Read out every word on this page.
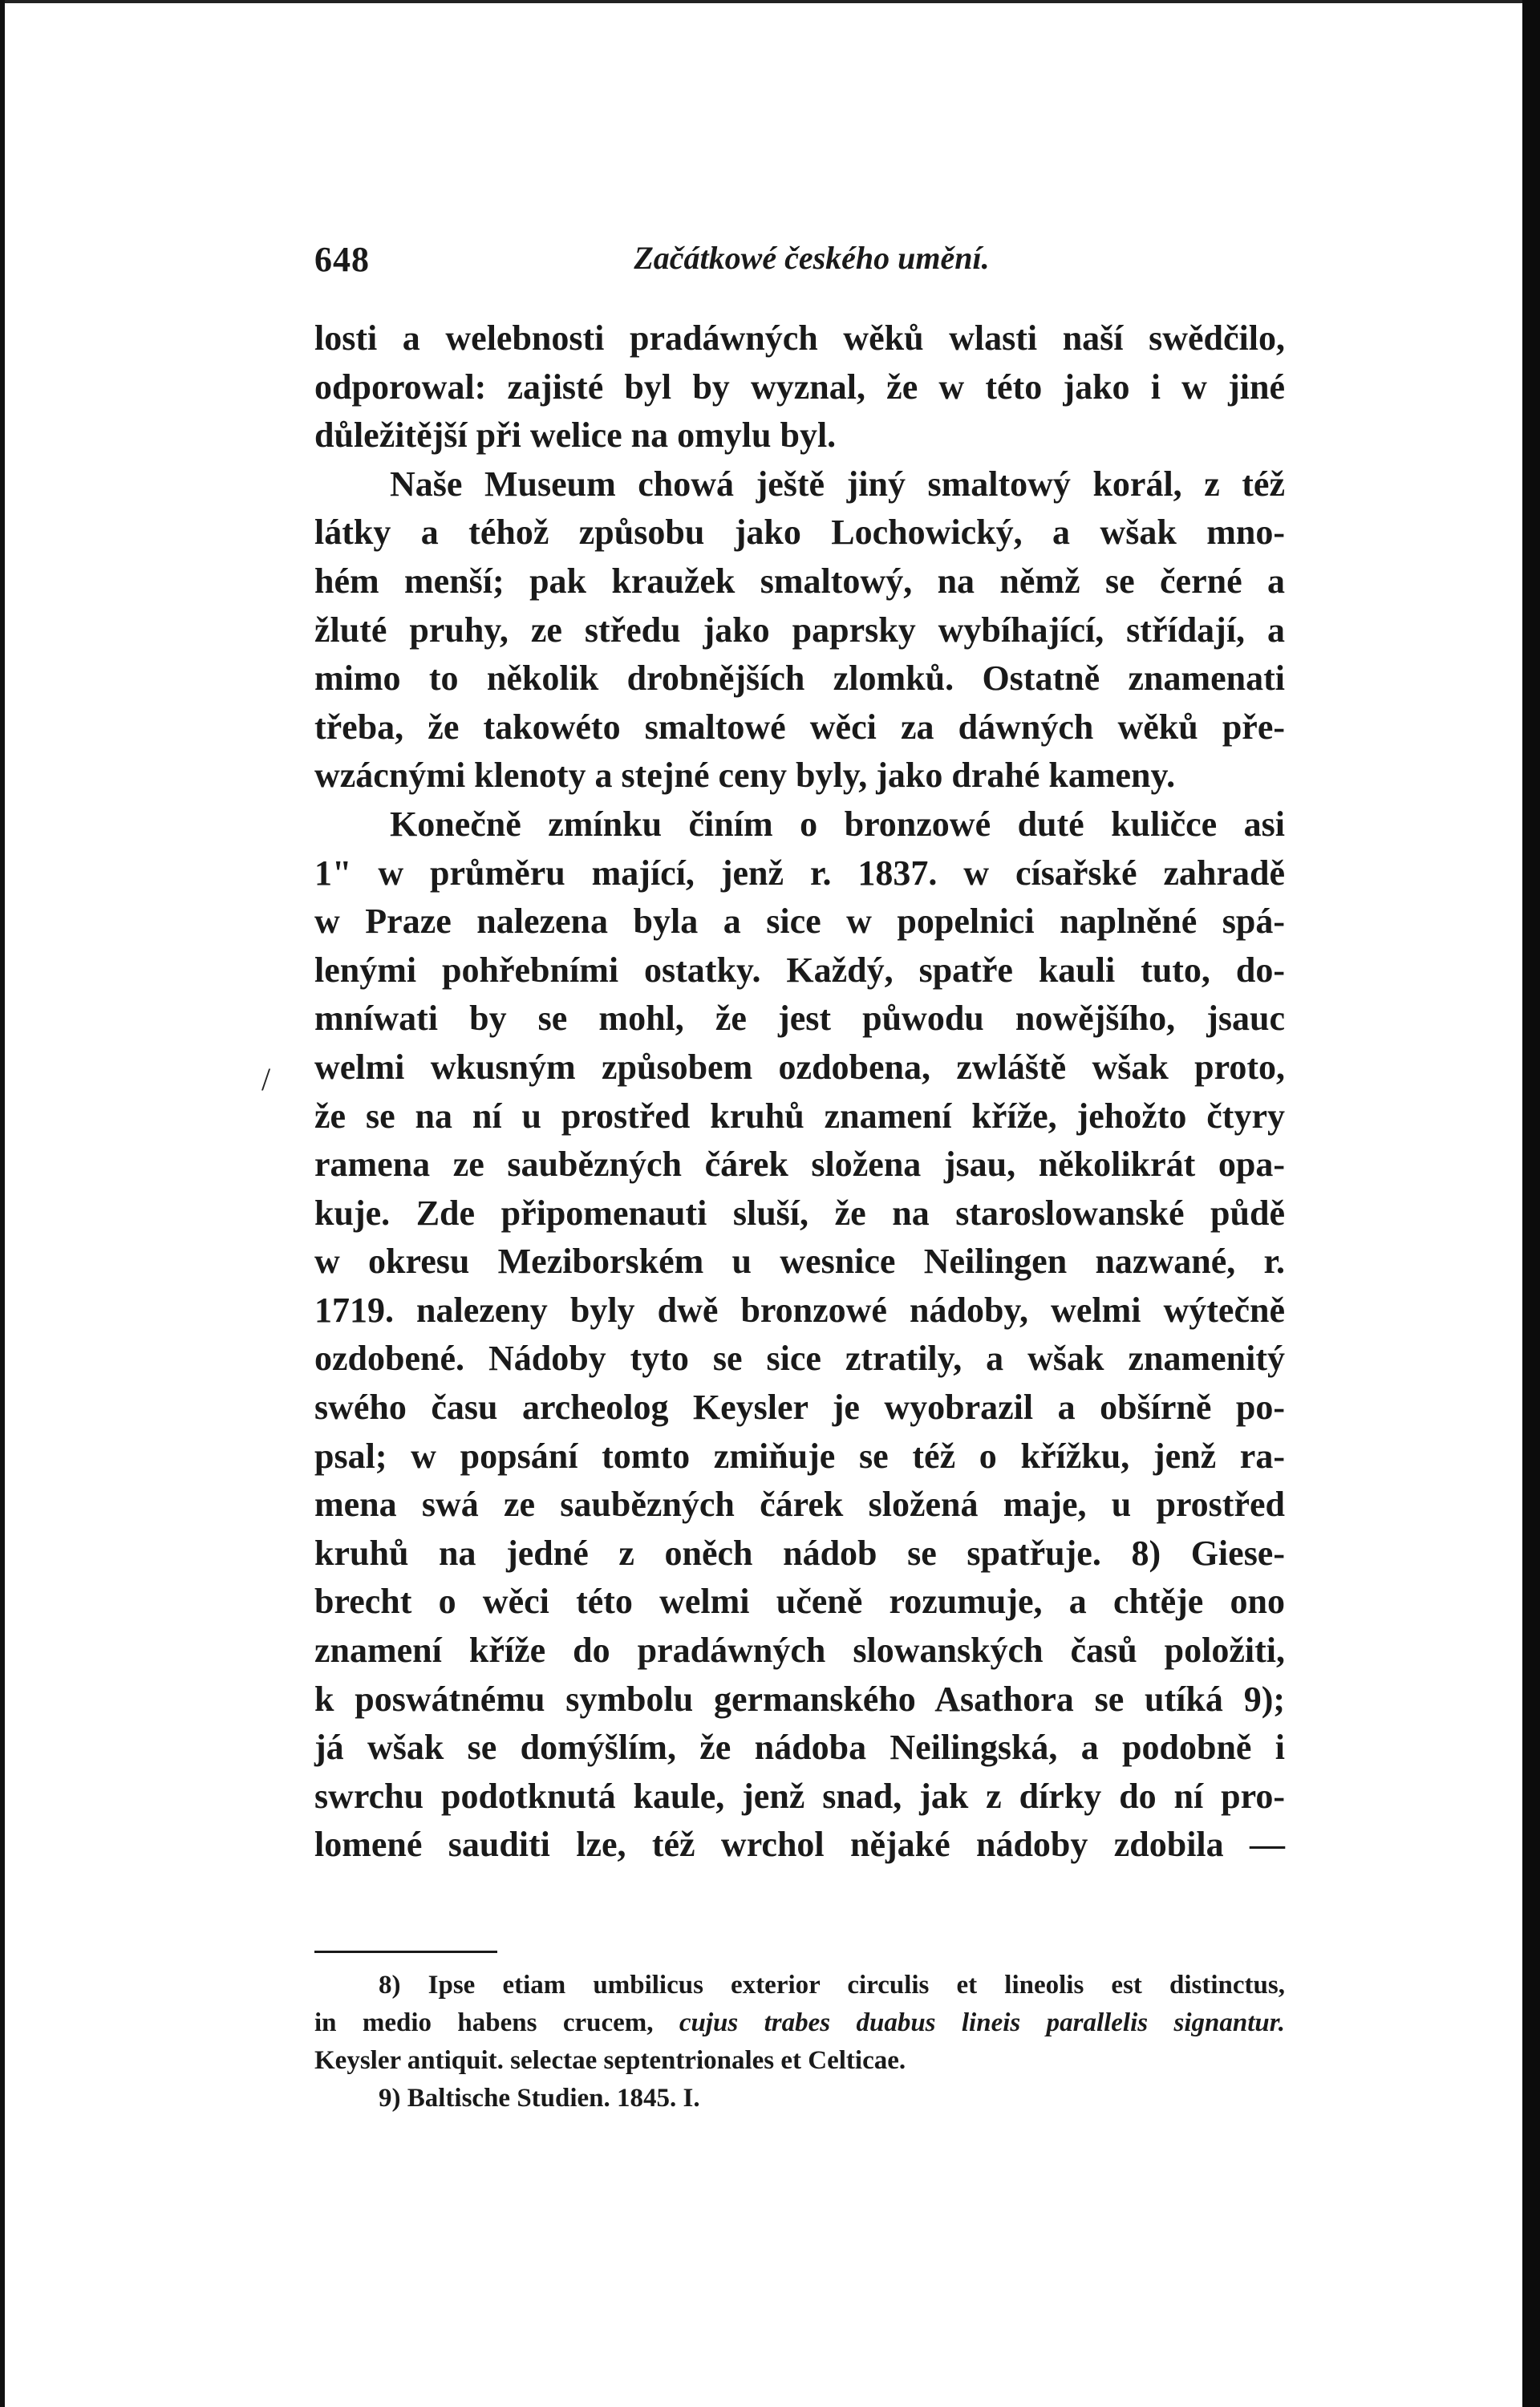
648	Začátkowé českého umění.
losti a welebnosti pradáwných wěků wlasti naší swědčilo,
odporowal: zajisté byl by wyznal, že w této jako i w jiné
důležitější při welice na omylu byl.
Naše Museum chowá ještě jiný smaltowý korál, z též
látky a téhož způsobu jako Lochowický, a wšak mno-
hém menší; pak kraužek smaltowý, na němž se černé a
žluté pruhy, ze středu jako paprsky wybíhající, střídají, a
mimo to několik drobnějších zlomků. Ostatně znamenati
třeba, že takowéto smaltowé wěci za dáwných wěků pře-
wzácnými klenoty a stejné ceny byly, jako drahé kameny.
Konečně zmínku činím o bronzowé duté kuličce asi
1" w průměru mající, jenž r. 1837. w císařské zahradě
w Praze nalezena byla a sice w popelnici naplněné spá-
lenými pohřebními ostatky. Každý, spatře kauli tuto, do-
mníwati by se mohl, že jest půwodu nowějšího, jsauc
welmi wkusným způsobem ozdobena, zwláště wšak proto,
že se na ní u prostřed kruhů znamení kříže, jehožto čtyry
ramena ze saubězných čárek složena jsau, několikrát opa-
kuje. Zde připomenauti sluší, že na staroslowanské půdě
w okresu Meziborském u wesnice Neilingen nazwané, r.
1719. nalezeny byly dwě bronzowé nádoby, welmi wýtečně
ozdobené. Nádoby tyto se sice ztratily, a wšak znamenitý
swého času archeolog Keysler je wyobrazil a obšírně po-
psal; w popsání tomto zmiňuje se též o křížku, jenž ra-
mena swá ze saubězných čárek složená maje, u prostřed
kruhů na jedné z oněch nádob se spatřuje. 8) Giese-
brecht o wěci této welmi učeně rozumuje, a chtěje ono
znamení kříže do pradáwných slowanských časů položiti,
k poswátnému symbolu germanského Asathora se utíká 9);
já wšak se domýšlím, že nádoba Neilingská, a podobně i
swrchu podotknutá kaule, jenž snad, jak z dírky do ní pro-
lomené sauditi lze, též wrchol nějaké nádoby zdobila —
8) Ipse etiam umbilicus exterior circulis et lineolis est distinctus,
in medio habens crucem, cujus trabes duabus lineis parallelis signantur.
Keysler antiquit. selectae septentrionales et Celticae.
9) Baltische Studien. 1845. I.
/
